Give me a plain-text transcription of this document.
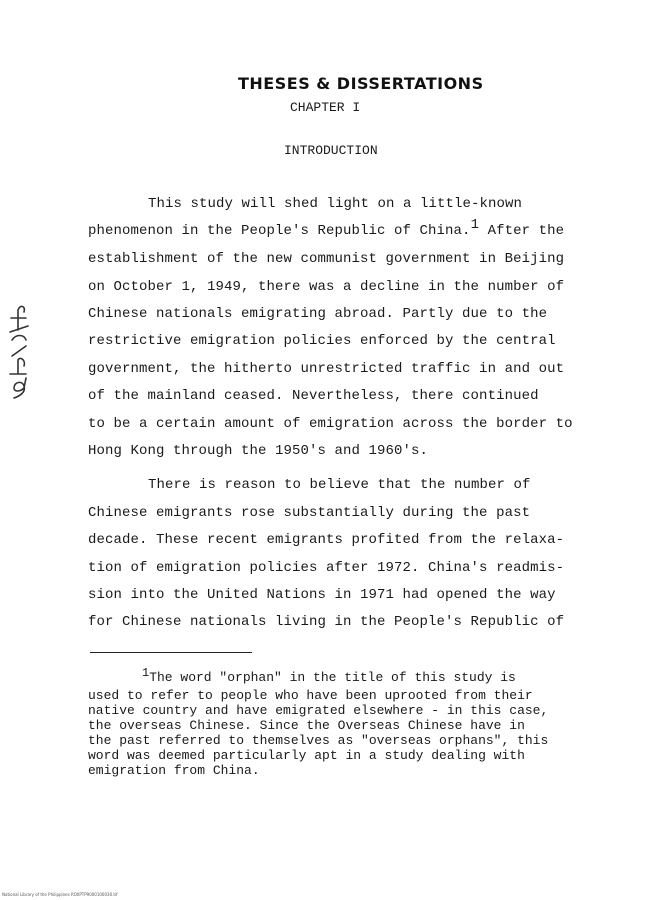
THESES & DISSERTATIONS
CHAPTER I
INTRODUCTION
This study will shed light on a little-known
phenomenon in the People's Republic of China.$^1$ After the
establishment of the new communist government in Beijing
on October 1, 1949, there was a decline in the number of
Chinese nationals emigrating abroad. Partly due to the
restrictive emigration policies enforced by the central
government, the hitherto unrestricted traffic in and out
of the mainland ceased. Nevertheless, there continued
to be a certain amount of emigration across the border to
Hong Kong through the 1950's and 1960's.
There is reason to believe that the number of
Chinese emigrants rose substantially during the past
decade. These recent emigrants profited from the relaxa-
tion of emigration policies after 1972. China's readmis-
sion into the United Nations in 1971 had opened the way
for Chinese nationals living in the People's Republic of
$^1$The word "orphan" in the title of this study is
used to refer to people who have been uprooted from their
native country and have emigrated elsewhere - in this case,
the overseas Chinese. Since the Overseas Chinese have in
the past referred to themselves as "overseas orphans", this
word was deemed particularly apt in a study dealing with
emigration from China.
National Library of the Philippines ROXPTP9000100030.tif
